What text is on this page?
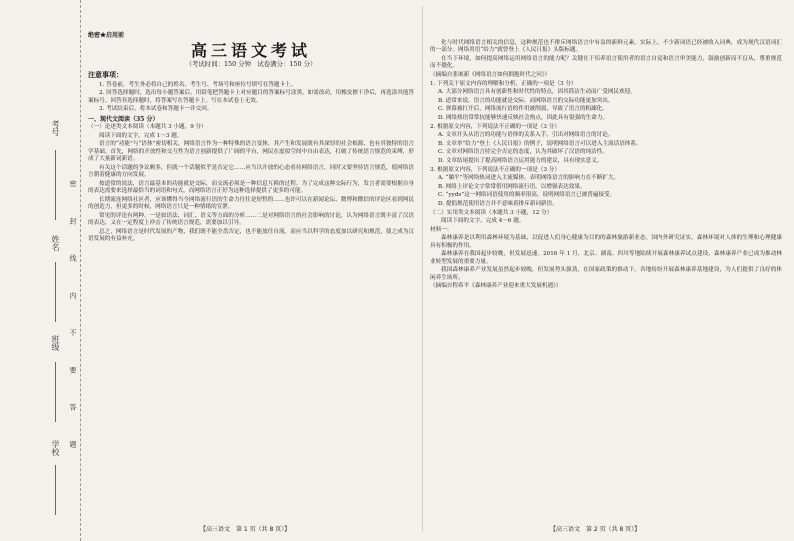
考号
姓名
班级
学校 密 封 线 内 不 要 答 题
绝密★启用前
高三语文考试
（考试时间：150 分钟　试卷满分：150 分）
注意事项：

1. 答卷前，考生务必将自己的姓名、考生号、考场号和座位号填写在答题卡上。

2. 回答选择题时，选出每小题答案后，用铅笔把答题卡上对应题目的答案标号涂黑。如需改动，用橡皮擦干净后，再选涂其他答案标号。回答非选择题时，将答案写在答题卡上。写在本试卷上无效。

3. 考试结束后，将本试卷和答题卡一并交回。

一、现代文阅读（35 分）

（一）论述类文本阅读（本题共 3 小题，9 分）

阅读下面的文字，完成 1～3 题。

语言的“功能”与“语体”密切相关，网络语言作为一种特殊的语言变体，其产生和发展既有其深厚的社会根源，也有其独特的语言学基础。首先，网络的开放性和交互性为语言创新提供了广阔的平台，网民在虚拟空间中自由表达，打破了传统语言规范的束缚，形成了大量新词新语。

有关这个话题的争议颇多，但就一个话题似乎是否定它……应当以开放的心态看待网络语言，同时又要坚持语言规范，使网络语言朝着健康的方向发展。

按道常的说法，语言最基本的功能就是交际，而交流必须是一种信息互换的过程。为了完成这种交际行为，发言者需要根据自身的表达需要来选择最恰当的词语和句式，而网络语言正好为这种选择提供了更多的可能。

长期流连网络社区者，应该懂得当今网络流行语的生命力往往是短暂的……也许可以在新闻论坛、微博和微信的评论区看到网民的创造力，但更多的时候，网络语言只是一种情绪的宣泄。

常见的评论有两种。一是如语法、词汇、语义等方面的分析……二是对网络语言的社会影响的讨论，认为网络语言既丰富了汉语的表达，又在一定程度上冲击了传统语言规范，需要加以引导。

总之，网络语言是时代发展的产物，我们既不能全盘否定，也不能放任自流，而应当以科学的态度加以研究和规范，使之成为汉语发展的有益补充。

【高三语文　第 1 页（共 8 页）】

化与时代网络语言相关的信息，这种规范也不排斥网络语言中有益的新鲜元素，实际上，不少新词语已经被收入词典，成为现代汉语词汇的一部分。网络用语“给力”就曾登上《人民日报》头版标题。

在当下环境，如何提高网络运用网络语言的能力呢？关键在于培养语言使用者的语言自觉和语言审美能力，鼓励创新而不盲从，尊重规范而不僵化。

（摘编自张颂新《网络语言如何拥抱时代之问》）

1. 下列关于原文内容的理解和分析，正确的一项是（3 分）

A. 大部分网络语言具有创新性和时代性的特点，因其简洁生动而广受网民欢迎。

B. 道常来说，语言的功能就是交际，而网络语言的交际功能更加突出。

C. 弹幕被打开后，网络流行语的作用被削弱，导致了语言的粗鄙化。

D. 网络热语常常抗能够快速反映社会热点，因此具有很强的生命力。

2. 根据原文内容，下列说法不正确的一项是（3 分）

A. 文章开头从语言的功能与语体的关系入手，引出对网络语言的讨论。

B. 文章举“给力”登上《人民日报》的例子，说明网络语言可以进入主流话语体系。

C. 文章对网络语言持完全否定的态度，认为其破坏了汉语的纯洁性。

D. 文章结尾提出了提高网络语言运用能力的建议，具有现实意义。

3. 根据原文内容，下列说法不正确的一项是（3 分）

A. “躺平”等网络热词进入主流媒体，表明网络语言的影响力在不断扩大。

B. 网络上评论文字常常借用网络流行语，以增强表达效果。

C. “yyds”这一网络词语使用的频率很高，说明网络语言已被普遍接受。

D. 提倡规范使用语言并不意味着排斥新词新语。

（二）实用类文本阅读（本题共 3 小题，12 分）

阅读下面的文字，完成 4～6 题。

材料一：

森林康养是以利用森林环境为基础，以促进人们身心健康为目的的森林旅游新业态。国内外研究证实，森林环境对人体的生理和心理健康具有积极的作用。

森林康养在我国起步较晚，但发展迅速。2016 年 1 月，北京、湖南、四川等地陆续开展森林康养试点建设，森林康养产业已成为推动林业转型发展的重要力量。

我国森林康养产业发展虽然起步较晚，但发展势头强劲，在国家政策的推动下，各地纷纷开展森林康养基地建设，为人们提供了良好的休闲养生场所。

（摘编自程希平《森林康养产业迎来重大发展机遇》）

【高三语文　第 2 页（共 8 页）】
